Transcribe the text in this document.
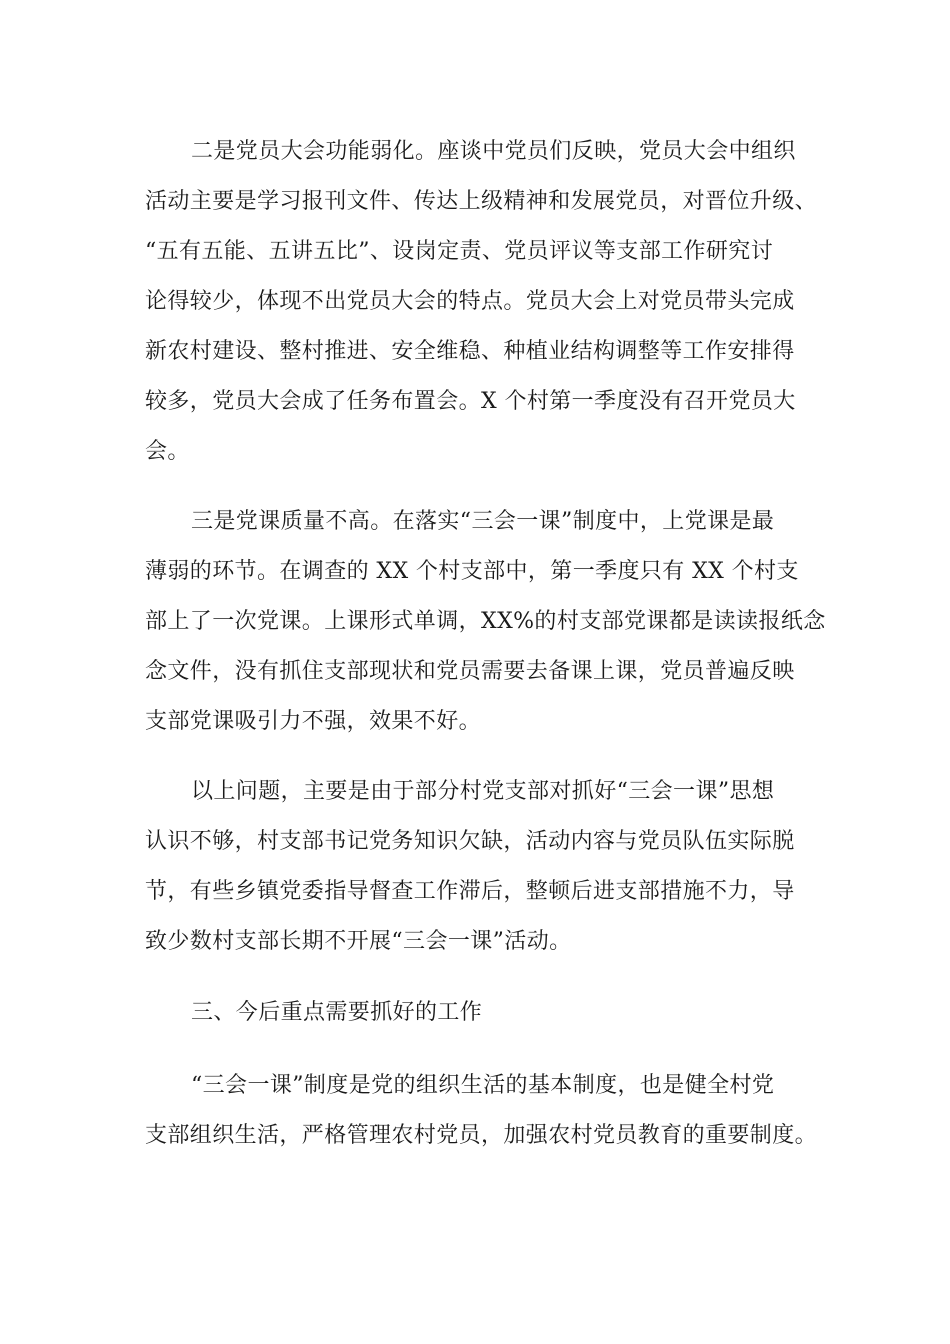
二是党员大会功能弱化。座谈中党员们反映，党员大会中组织
活动主要是学习报刊文件、传达上级精神和发展党员，对晋位升级、
“五有五能、五讲五比”、设岗定责、党员评议等支部工作研究讨
论得较少，体现不出党员大会的特点。党员大会上对党员带头完成
新农村建设、整村推进、安全维稳、种植业结构调整等工作安排得
较多，党员大会成了任务布置会。X 个村第一季度没有召开党员大
会。
三是党课质量不高。在落实“三会一课”制度中，上党课是最
薄弱的环节。在调查的 XX 个村支部中，第一季度只有 XX 个村支
部上了一次党课。上课形式单调，XX%的村支部党课都是读读报纸念
念文件，没有抓住支部现状和党员需要去备课上课，党员普遍反映
支部党课吸引力不强，效果不好。
以上问题，主要是由于部分村党支部对抓好“三会一课”思想
认识不够，村支部书记党务知识欠缺，活动内容与党员队伍实际脱
节，有些乡镇党委指导督查工作滞后，整顿后进支部措施不力，导
致少数村支部长期不开展“三会一课”活动。
三、今后重点需要抓好的工作
“三会一课”制度是党的组织生活的基本制度，也是健全村党
支部组织生活，严格管理农村党员，加强农村党员教育的重要制度。
